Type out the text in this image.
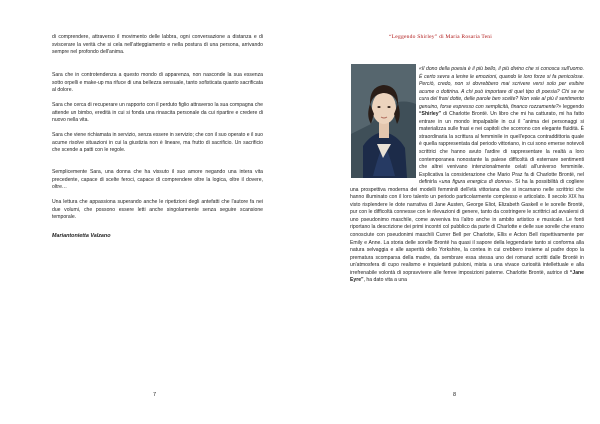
di comprendere, attraverso il movimento delle labbra, ogni conversazione a distanza e di sviscerare la verità che si cela nell'atteggiamento e nella postura di una persona, arrivando sempre nel profondo dell'anima.

Sara che in controtendenza a questo mondo di apparenza, non nasconde la sua essenza sotto orpelli e make-up ma rifuce di una bellezza sensuale, tanto sofisticata quanto sacrificata al dolore.

Sara che cerca di recuperare un rapporto con il perduto figlio attraverso la sua compagna che attende un bimbo, eredità in cui si fonda una rinascita personale da cui ripartire e credere di nuovo nella vita.

Sara che viene richiamata in servizio, senza essere in servizio; che con il suo operato e il suo acume risolve situazioni in cui la giustizia non è lineare, ma frutto di sacrificio. Un sacrificio che scende a patti con le regole.

Semplicemente Sara, una donna che ha vissuto il suo amore negando una intera vita precedente, capace di scelte feroci, capace di comprendere oltre la logica, oltre il dovere, oltre…

Una lettura che appassiona superando anche le ripetizioni degli antefatti che l'autore fa nei due volumi, che possono essere letti anche singolarmente senza seguire scansione temporale.

Mariantonietta Valzano
7
“Leggendo Shirley” di Maria Rosaria Teni
8
«Il dono della poesia è il più bello, il più divino che si conosca sull'uomo. È certo sevra a lenire le emozioni, quando le loro forze si fa penicolose. Perciò, credo, non si dovrebbero mai scrivere versi solo per esibire acume o dottrina. A chi può importare di quel tipo di poesia? Chi se ne cura del frasi dotte, delle parole ben scelte? Non vale al più il sentimento genuino, forse espresso con semplicità, financo rozzamente?» leggendo “Shirley” di Charlotte Brontë. Un libro che mi ha catturato, mi ha fatto entrare in un mondo impalpabile in cui il “anima dei personaggi si materializza sulle frasi e nei capitoli che scorrono con elegante fluidità. È straordinaria la scrittura al femminile in quell'epoca contraddittoria quale è quella rappresentata dal periodo vittoriano, in cui sono emerse notevoli scrittrici che hanno avuto l'ardire di rappresentare la realtà a loro contemporanea nonostante la palese difficoltà di esternare sentimenti che altrei venivano intenzionalmente celati all'universo femminile. Esplicativa la considerazione che Mario Praz fa di Charlotte Brontë, nel definirla «una figura energica di donna». Si ha la possibilità di cogliere una prospettiva moderna dei modelli femminili dell'età vittoriana che si incarnano nelle scrittrici che hanno illuminato con il loro talento un periodo particolarmente complesso e articolato. Il secolo XIX ha visto risplendere le dote narrativa di Jane Austen, George Eliot, Elizabeth Gaskell e le sorelle Brontë, pur con le difficoltà connesse con le rilevazioni di genere, tanto da costringere le scrittrici ad avvalersi di uno pseudonimo maschile, come avveniva tra l'altro anche in ambito artistico e musicale. Le fonti riportano la descrizione dei primi incontri col pubblico da parte di Charlotte e delle sue sorelle che erano conosciute con pseudonimi maschili Currer Bell per Charlotte, Ellis e Acton Bell rispettivamente per Emily e Anne. La storia delle sorelle Brontë ha quasi il sapore della leggendarie tanto si conforma alla natura selvaggia e alle asperità dello Yorkshire, la contea in cui crebbero insieme al padre dopo la prematura scomparsa della madre, da sembrare essa stessa uno dei romanzi scritti dalle Brontë in un'atmosfera di cupo realismo e inquietanti pulsioni, mista a una vivace curiosità intellettuale e alla irrefrenabile volontà di sopravvivere alle ferree imposizioni paterne. Charlotte Brontë, autrice di “Jane Eyre”, ha dato vita a una
